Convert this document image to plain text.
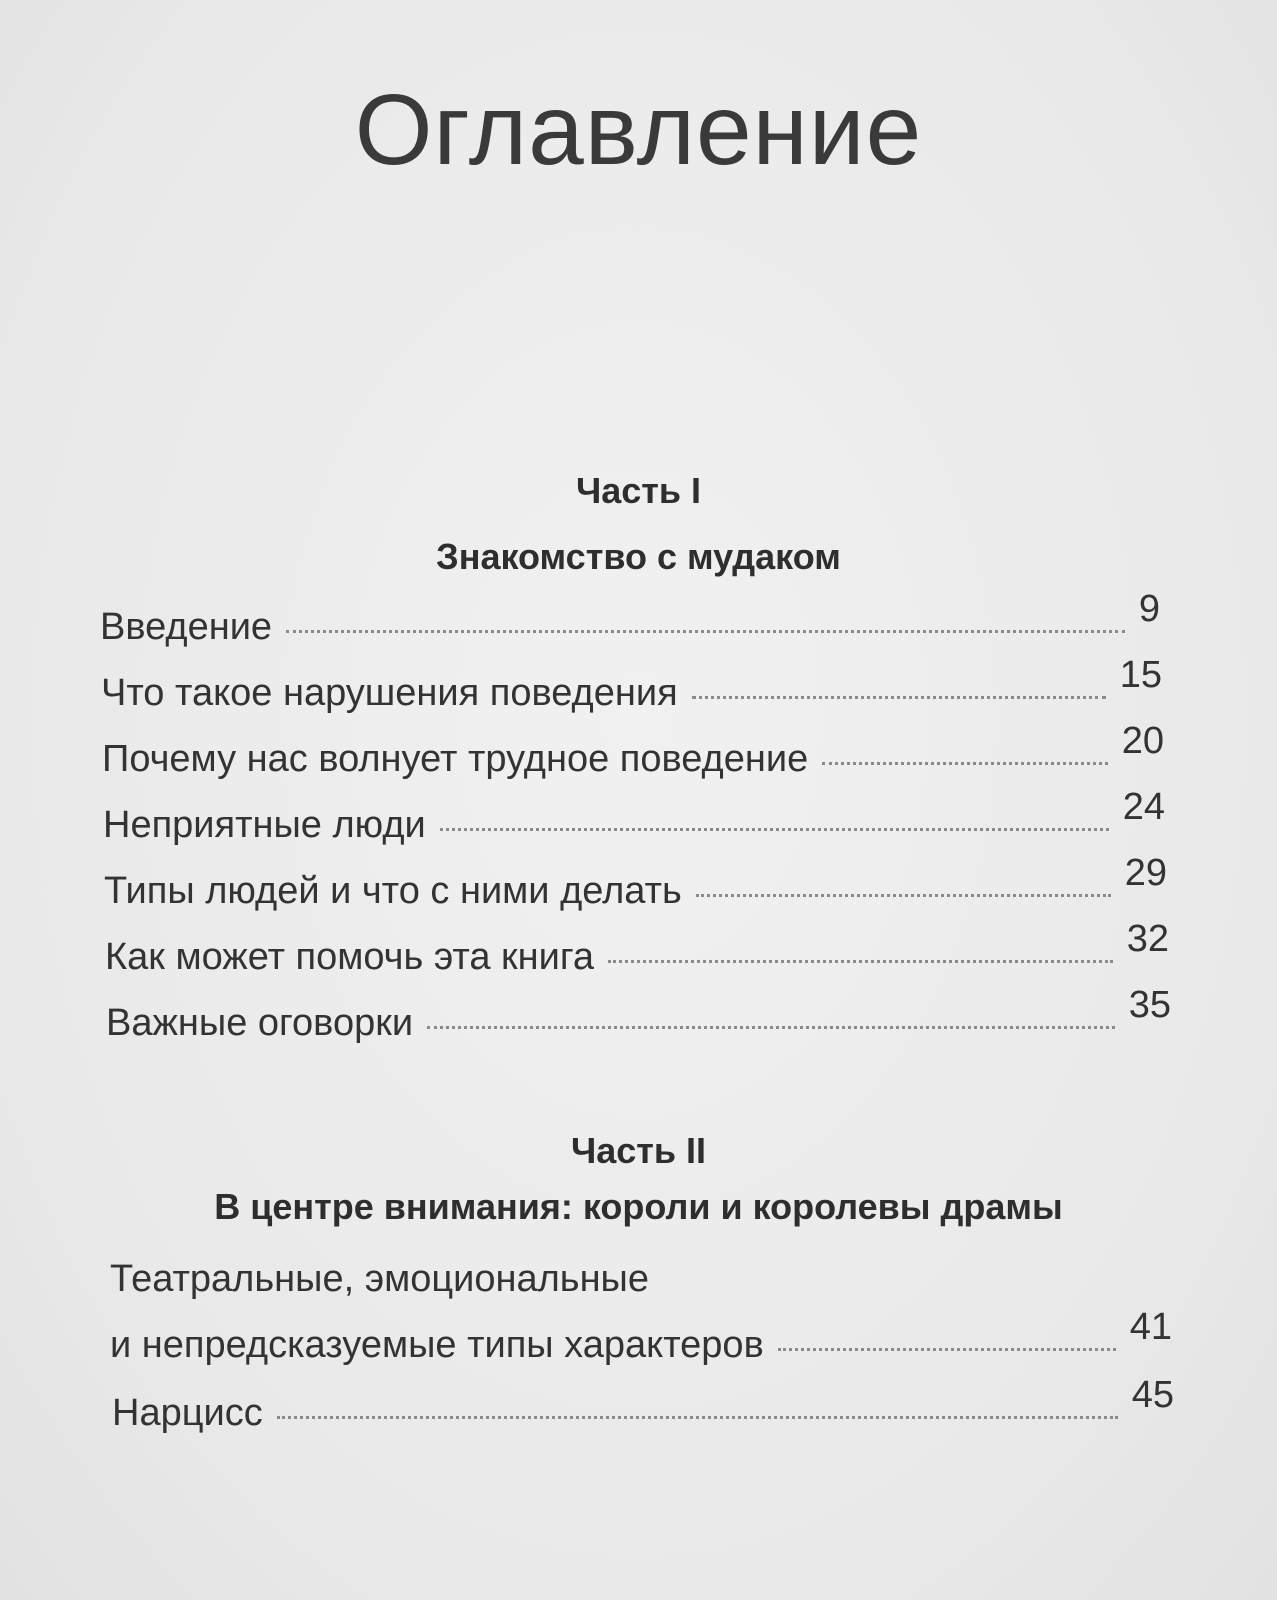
Оглавление
Часть I
Знакомство с мудаком
Введение	9
Что такое нарушения поведения	15
Почему нас волнует трудное поведение	20
Неприятные люди	24
Типы людей и что с ними делать	29
Как может помочь эта книга	32
Важные оговорки	35
Часть II
В центре внимания: короли и королевы драмы
Театральные, эмоциональные
и непредсказуемые типы характеров	41
Нарцисс	45
